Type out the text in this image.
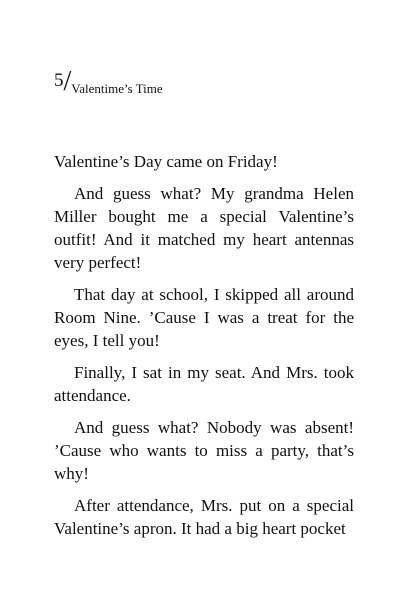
$5/_{Valentime’s Time}$

Valentine’s Day came on Friday!

And guess what? My grandma Helen Miller bought me a special Valentine’s outfit! And it matched my heart antennas very perfect!

That day at school, I skipped all around Room Nine. ’Cause I was a treat for the eyes, I tell you!

Finally, I sat in my seat. And Mrs. took attendance.

And guess what? Nobody was absent! ’Cause who wants to miss a party, that’s why!

After attendance, Mrs. put on a special Valentine’s apron. It had a big heart pocket
